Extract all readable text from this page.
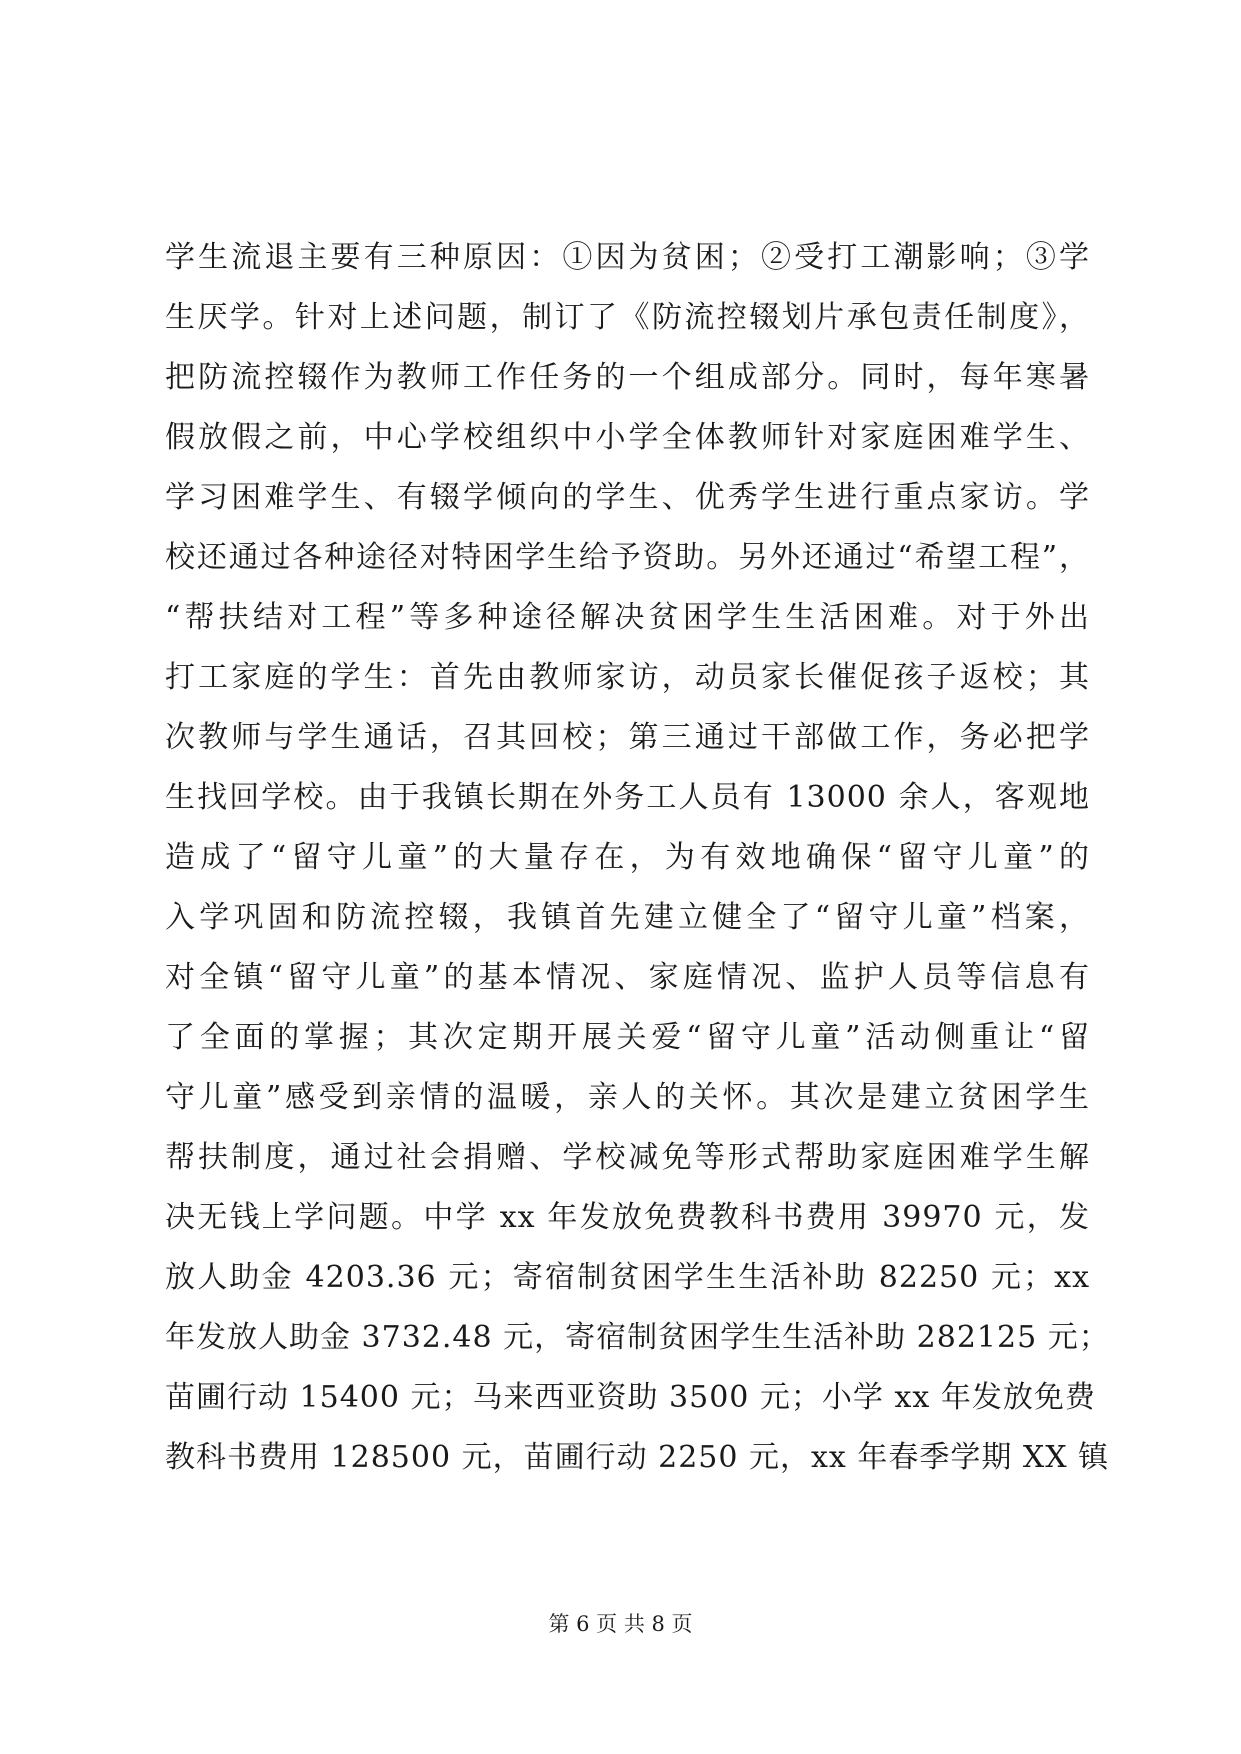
学生流退主要有三种原因：①因为贫困；②受打工潮影响；③学
生厌学。针对上述问题，制订了《防流控辍划片承包责任制度》，
把防流控辍作为教师工作任务的一个组成部分。同时，每年寒暑
假放假之前，中心学校组织中小学全体教师针对家庭困难学生、
学习困难学生、有辍学倾向的学生、优秀学生进行重点家访。学
校还通过各种途径对特困学生给予资助。另外还通过“希望工程”，
“帮扶结对工程”等多种途径解决贫困学生生活困难。对于外出
打工家庭的学生：首先由教师家访，动员家长催促孩子返校；其
次教师与学生通话，召其回校；第三通过干部做工作，务必把学
生找回学校。由于我镇长期在外务工人员有 13000 余人，客观地
造成了“留守儿童”的大量存在，为有效地确保“留守儿童”的
入学巩固和防流控辍，我镇首先建立健全了“留守儿童”档案，
对全镇“留守儿童”的基本情况、家庭情况、监护人员等信息有
了全面的掌握；其次定期开展关爱“留守儿童”活动侧重让“留
守儿童”感受到亲情的温暖，亲人的关怀。其次是建立贫困学生
帮扶制度，通过社会捐赠、学校减免等形式帮助家庭困难学生解
决无钱上学问题。中学 xx 年发放免费教科书费用 39970 元，发
放人助金 4203.36 元；寄宿制贫困学生生活补助 82250 元；xx
年发放人助金 3732.48 元，寄宿制贫困学生生活补助 282125 元；
苗圃行动 15400 元；马来西亚资助 3500 元；小学 xx 年发放免费
教科书费用 128500 元，苗圃行动 2250 元，xx 年春季学期 XX 镇
第 6 页 共 8 页
